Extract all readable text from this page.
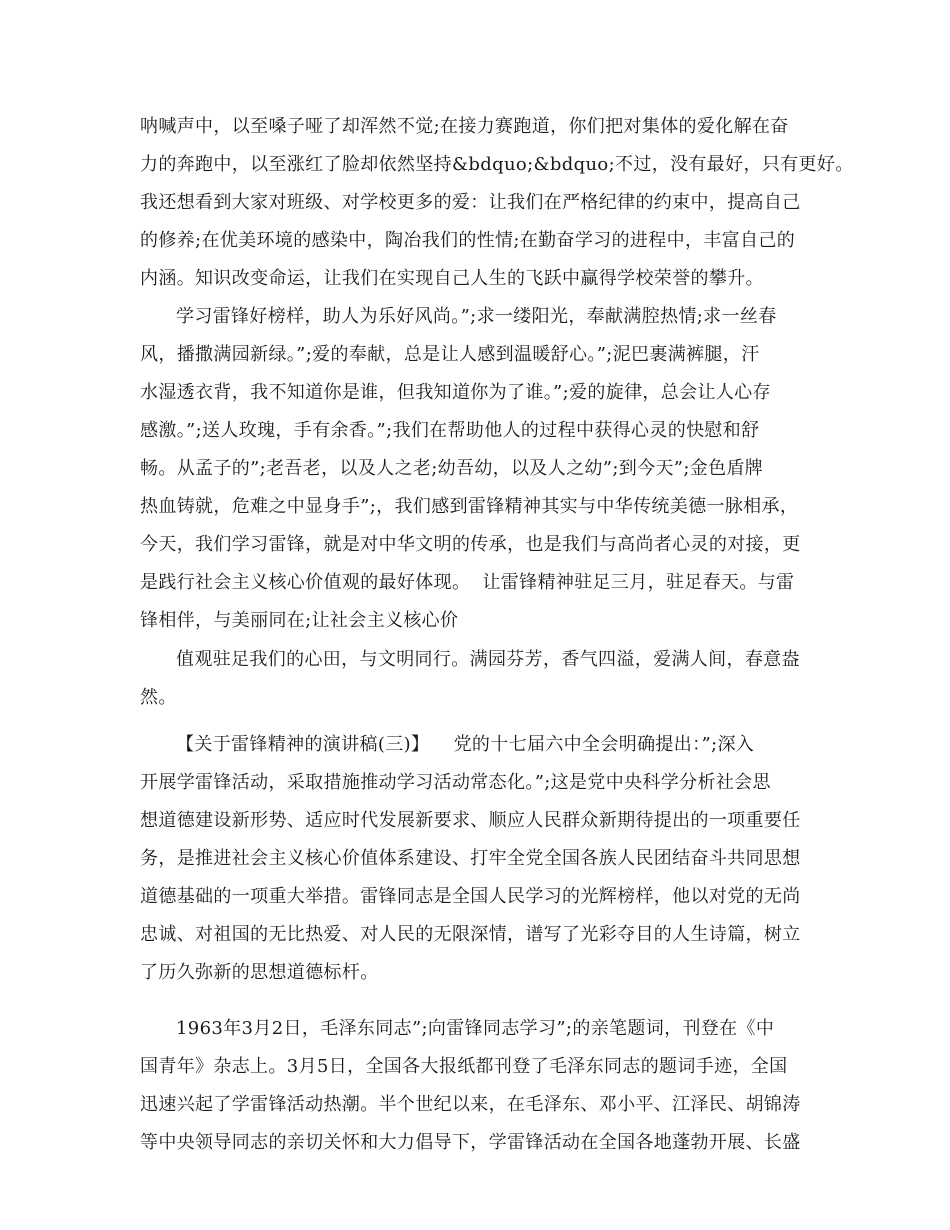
呐喊声中，以至嗓子哑了却浑然不觉;在接力赛跑道，你们把对集体的爱化解在奋
力的奔跑中，以至涨红了脸却依然坚持&bdquo;&bdquo;不过，没有最好，只有更好。
我还想看到大家对班级、对学校更多的爱：让我们在严格纪律的约束中，提高自己
的修养;在优美环境的感染中，陶冶我们的性情;在勤奋学习的进程中，丰富自己的
内涵。知识改变命运，让我们在实现自己人生的飞跃中赢得学校荣誉的攀升。
学习雷锋好榜样，助人为乐好风尚。”;求一缕阳光，奉献满腔热情;求一丝春
风，播撒满园新绿。”;爱的奉献，总是让人感到温暖舒心。”;泥巴裹满裤腿，汗
水湿透衣背，我不知道你是谁，但我知道你为了谁。”;爱的旋律，总会让人心存
感激。”;送人玫瑰，手有余香。”;我们在帮助他人的过程中获得心灵的快慰和舒
畅。从孟子的”;老吾老，以及人之老;幼吾幼，以及人之幼”;到今天”;金色盾牌
热血铸就，危难之中显身手”;，我们感到雷锋精神其实与中华传统美德一脉相承，
今天，我们学习雷锋，就是对中华文明的传承，也是我们与高尚者心灵的对接，更
是践行社会主义核心价值观的最好体现。  让雷锋精神驻足三月，驻足春天。与雷
锋相伴，与美丽同在;让社会主义核心价
值观驻足我们的心田，与文明同行。满园芬芳，香气四溢，爱满人间，春意盎
然。
【关于雷锋精神的演讲稿(三)】    党的十七届六中全会明确提出：”;深入
开展学雷锋活动，采取措施推动学习活动常态化。”;这是党中央科学分析社会思
想道德建设新形势、适应时代发展新要求、顺应人民群众新期待提出的一项重要任
务，是推进社会主义核心价值体系建设、打牢全党全国各族人民团结奋斗共同思想
道德基础的一项重大举措。雷锋同志是全国人民学习的光辉榜样，他以对党的无尚
忠诚、对祖国的无比热爱、对人民的无限深情，谱写了光彩夺目的人生诗篇，树立
了历久弥新的思想道德标杆。
1963年3月2日，毛泽东同志”;向雷锋同志学习”;的亲笔题词，刊登在《中
国青年》杂志上。3月5日，全国各大报纸都刊登了毛泽东同志的题词手迹，全国
迅速兴起了学雷锋活动热潮。半个世纪以来，在毛泽东、邓小平、江泽民、胡锦涛
等中央领导同志的亲切关怀和大力倡导下，学雷锋活动在全国各地蓬勃开展、长盛
